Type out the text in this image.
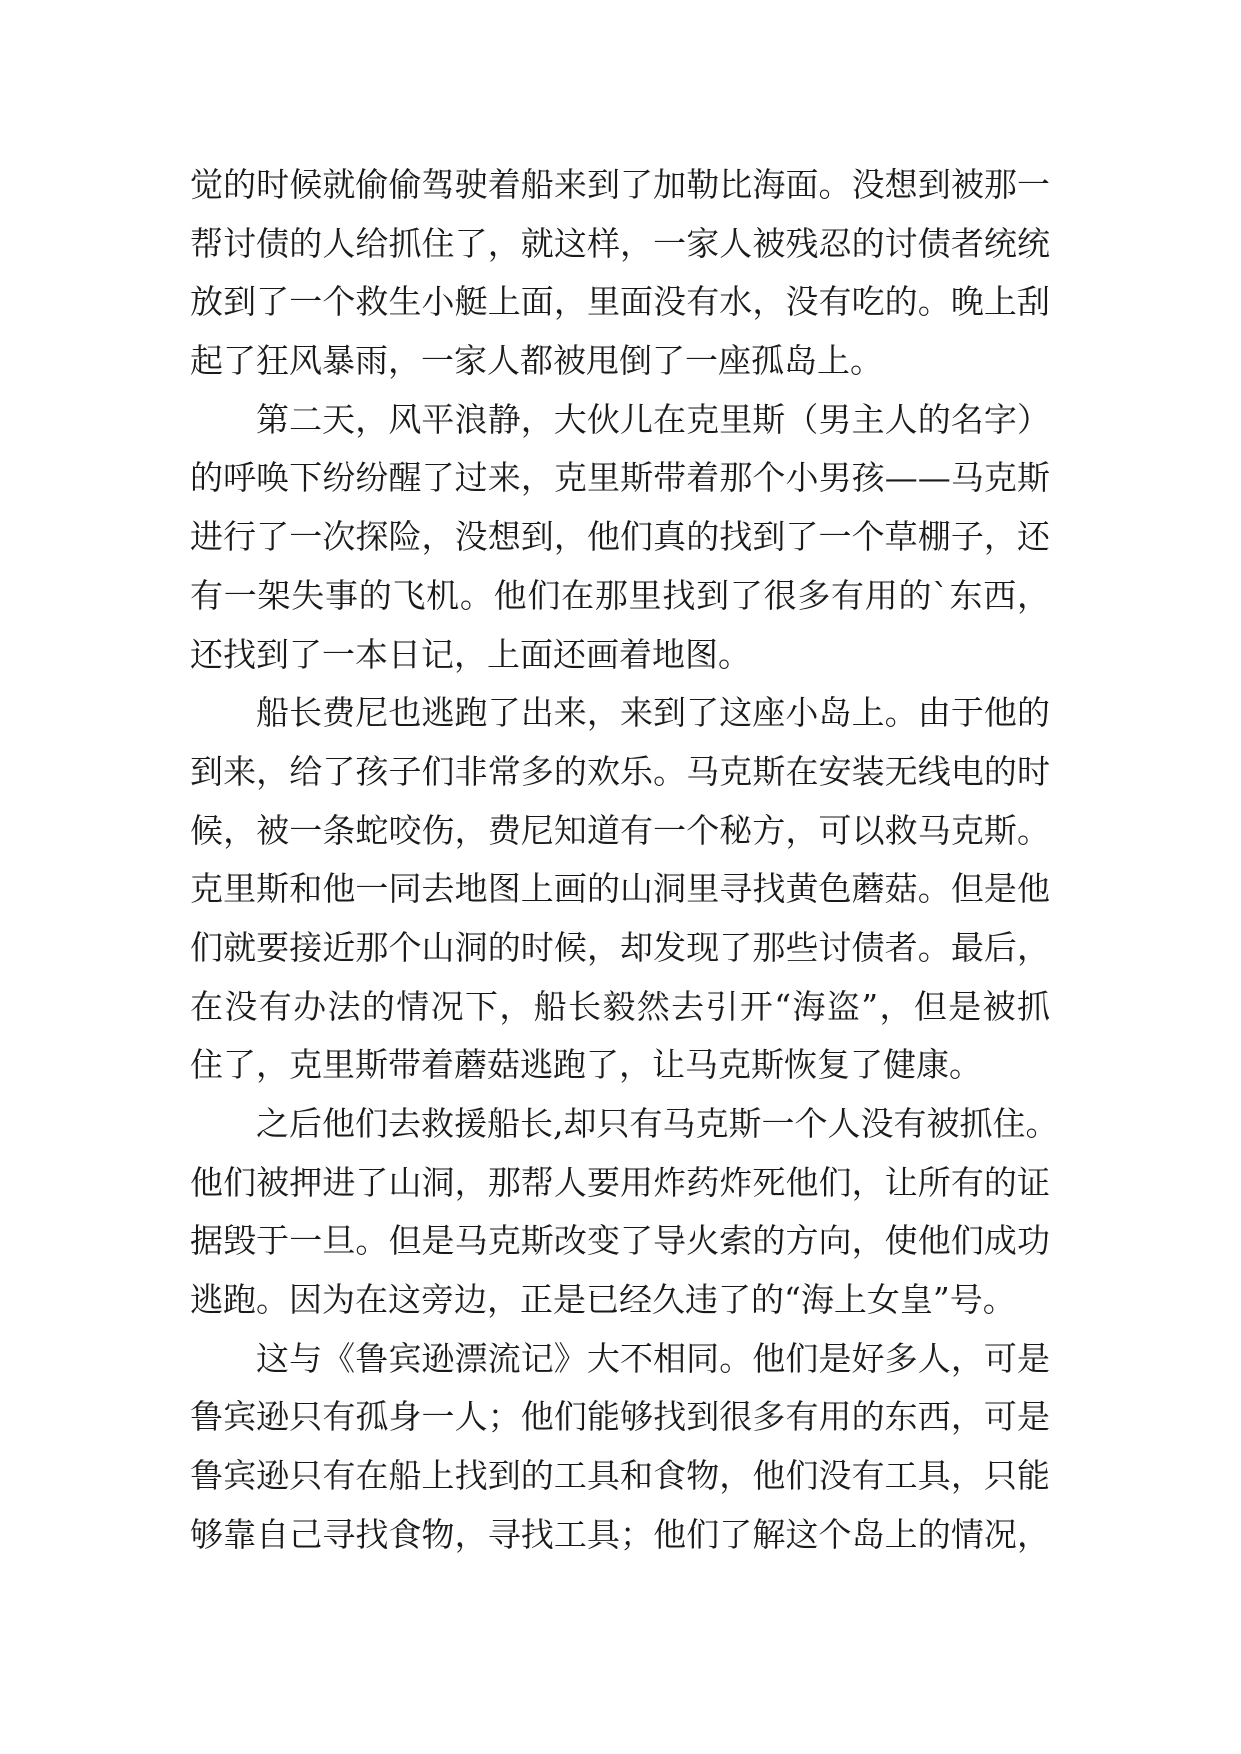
觉的时候就偷偷驾驶着船来到了加勒比海面。没想到被那一
帮讨债的人给抓住了，就这样，一家人被残忍的讨债者统统
放到了一个救生小艇上面，里面没有水，没有吃的。晚上刮
起了狂风暴雨，一家人都被甩倒了一座孤岛上。
第二天，风平浪静，大伙儿在克里斯（男主人的名字）
的呼唤下纷纷醒了过来，克里斯带着那个小男孩——马克斯
进行了一次探险，没想到，他们真的找到了一个草棚子，还
有一架失事的飞机。他们在那里找到了很多有用的`东西，
还找到了一本日记，上面还画着地图。
船长费尼也逃跑了出来，来到了这座小岛上。由于他的
到来，给了孩子们非常多的欢乐。马克斯在安装无线电的时
候，被一条蛇咬伤，费尼知道有一个秘方，可以救马克斯。
克里斯和他一同去地图上画的山洞里寻找黄色蘑菇。但是他
们就要接近那个山洞的时候，却发现了那些讨债者。最后，
在没有办法的情况下，船长毅然去引开“海盗”，但是被抓
住了，克里斯带着蘑菇逃跑了，让马克斯恢复了健康。
之后他们去救援船长,却只有马克斯一个人没有被抓住。
他们被押进了山洞，那帮人要用炸药炸死他们，让所有的证
据毁于一旦。但是马克斯改变了导火索的方向，使他们成功
逃跑。因为在这旁边，正是已经久违了的“海上女皇”号。
这与《鲁宾逊漂流记》大不相同。他们是好多人，可是
鲁宾逊只有孤身一人；他们能够找到很多有用的东西，可是
鲁宾逊只有在船上找到的工具和食物，他们没有工具，只能
够靠自己寻找食物，寻找工具；他们了解这个岛上的情况，
